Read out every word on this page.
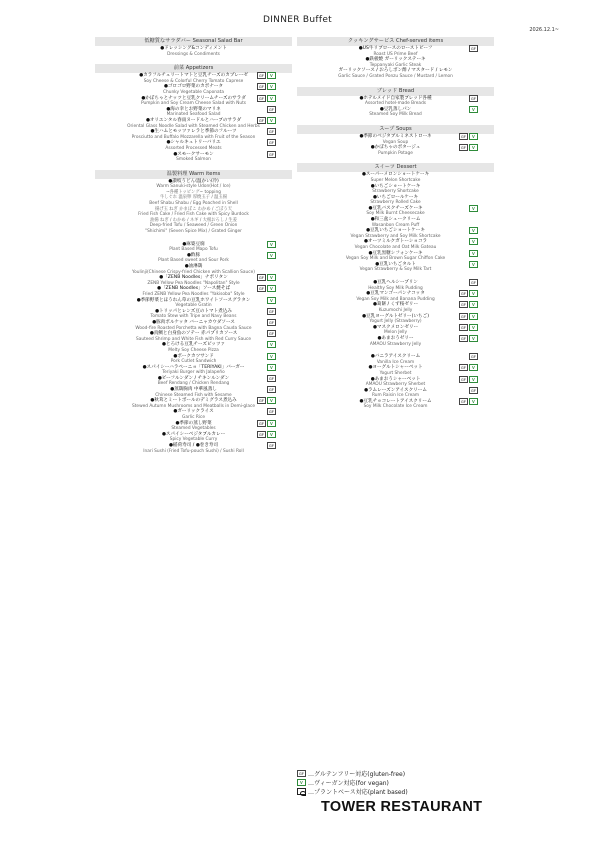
DINNER Buffet
2026.12.1~
低糖質なサラダバー Seasonal Salad Bar
●ドレッシング&コンディメント
Dressings & Condiments
前菜 Appetizers
●カラフルチェリートマトと豆乳チーズのカプレーゼ
Soy Cheese & Colorful Cherry Tomato Caprese
GF
V
●ゴロゴロ野菜のカポナータ
Chunky Vegetable Caponata
GF
V
●かぼちゃとナッツと豆乳クリームチーズのサラダ
Pumpkin and Soy Cream Cheese Salad with Nuts
GF
V
●海の幸とお野菜のマリネ
Marinated Seafood Salad
GF
●オリエンタル春雨ヌードルとハーブのサラダ
Oriental Glass Noodle Salad with Steamed Chicken and Herbs
GF
V
●生ハムとモッツァレラと季節のフルーツ
Prosciutto and Buffalo Mozzarella with Fruit of the Season
GF
●シャルキュトリーバリエ
Assorted Processed Meats
GF
●スモークサーモン
Smoked Salmon
GF
温製料理 Warm items
●讃岐うどん(温かい/冷)
Warm Sanuki-style Udon(Hot / Ice)
~各種トッピング~ topping
牛しぐれ 温泉卵 厚焼玉子 / 温玉揚
Beef Shabu Shabu / Egg Poached in Shell
揚げ玉 ねぎ かまぼこ わかめ / ごぼう天
Fried Fish Cake / Fried Fish Cake with Spicy Burdock
油揚 ねぎ / わかめ / ネギ / 大根おろし / 生姜
Deep-fried Tofu / Seaweed / Green Onion
"Shichimi" (Seven Spice Mix) / Grated Ginger
●麻婆豆腐
Plant Based Mapo Tofu
V
●酢豚
Plant Based sweet and Sour Pork
V
●油淋鶏
Youlinji(Chinese Crispy-fried Chicken with Scallion Sauce)
●「ZENB Noodles」ナポリタン
ZENB Yellow Pea Noodles "Napolitan" Style
GF
V
●「ZENB Noodles」ソース焼そば
Fried ZENB Yellow Pea Noodles "Yakisoba" Style
GF
V
●季節野菜とほうれん草の豆乳ホワイトソースグラタン
Vegetable Gratin
V
●トリッパとレンズ豆のトマト煮込み
Tomato Stew with Tripe and Navy Beans
GF
●豚肉ポルケッタ バーニャカウダソース
Wood-fire Roasted Porchetta with Bagna Cauda Sauce
GF
●真鯛と白身魚のソテー 赤パプリカソース
Sauteed Shrimp and White Fish with Red Curry Sauce
GF
●とろける豆乳チーズピッツァ
Melty Soy Cheese Pizza
V
●ポークカツサンド
Pork Cutlet Sandwich
V
●スパイシーハラペーニョ「TERIYAKI」バーガー
Teriyaki Burger with Jalapeño
V
●ビーフルンダン / チキンルンダン
Beef Rendang / Chicken Rendang
GF
●蒸鶏胸肉 中華風蒸し
Chinese Steamed Fish with Sesame
GF
●秋茸とミートボールのデミグラス煮込み
Stewed Autumn Mushrooms and Meatballs in Demi-glace
GF
V
●ガーリックライス
Garlic Rice
GF
●季節の蒸し野菜
Steamed Vegetables
GF
V
●スパイシーベジタブルカレー
Spicy Vegetable Curry
GF
V
●稲荷寿司 / ●巻き寿司
Inari Sushi (Fried Tofu-pouch Sushi) / Sushi Roll
GF
クッキングサービス Chef-served items
●US牛リブロースのローストビーフ
Roast US Prime Beef
GF
●鉄板焼 ガーリックステーキ
Teppanyaki Garlic Steak
ガーリックソース / おろしポン酢 / マスタード / レモン
Garlic Sauce / Grated Ponzu Sauce / Mustard / Lemon
ブレッド Bread
●ホテルメイド自家製ブレッド各種
Assorted hotel-made Breads
GF
●豆乳蒸しパン
Steamed Soy Milk Bread
V
スープ Soups
●季節のベジタブルミネストローネ
Vegan Soup
GF
V
●かぼちゃのポタージュ
Pumpkin Potage
GF
V
スイーツ Dessert
●スーパーメロンショートケーキ
Super Melon Shortcake
●いちごショートケーキ
Strawberry Shortcake
●いちごロールケーキ
Strawberry Rolled Cake
●豆乳バスクチーズケーキ
Soy Milk Burnt Cheesecake
V
●和三盆シュークリーム
Wasanbon Cream Puff
●豆乳いちごショートケーキ
Vegan Strawberry and Soy Milk Shortcake
V
●オーツミルクガトーショコラ
Vegan Chocolate and Oat Milk Gateau
V
●豆乳黒糖シフォンケーキ
Vegan Soy Milk and Brown Sugar Chiffon Cake
V
●豆乳いちごタルト
Vegan Strawberry & Soy Milk Tart
V
●豆乳ヘルシープリン
Healthy Soy Milk Pudding
GF
●豆乳マンゴーパンナコッタ
Vegan Soy Milk and Banana Pudding
GF
V
●葛餅 / くず桜ゼリー
Kuzumochi Jelly
GF
V
●豆乳ヨーグルトゼリー(いちご)
Yogurt Jelly (Strawberry)
GF
V
●マスクメロンゼリー
Melon Jelly
GF
V
●あまおうゼリー
AMAOU Strawberry Jelly
GF
V
●バニラアイスクリーム
Vanilla Ice Cream
GF
●ヨーグルトシャーベット
Yogurt Sherbet
GF
V
●あまおうシャーベット
AMAOU Strawberry Sherbet
GF
V
●ラムレーズンアイスクリーム
Rum Raisin Ice Cream
GF
●豆乳チョコレートアイスクリーム
Soy Milk Chocolate Ice Cream
GF
V
GF
…グルテンフリー対応(gluten-free)
V
…ヴィーガン対応(for vegan)
…プラントベース対応(plant based)
TOWER RESTAURANT
